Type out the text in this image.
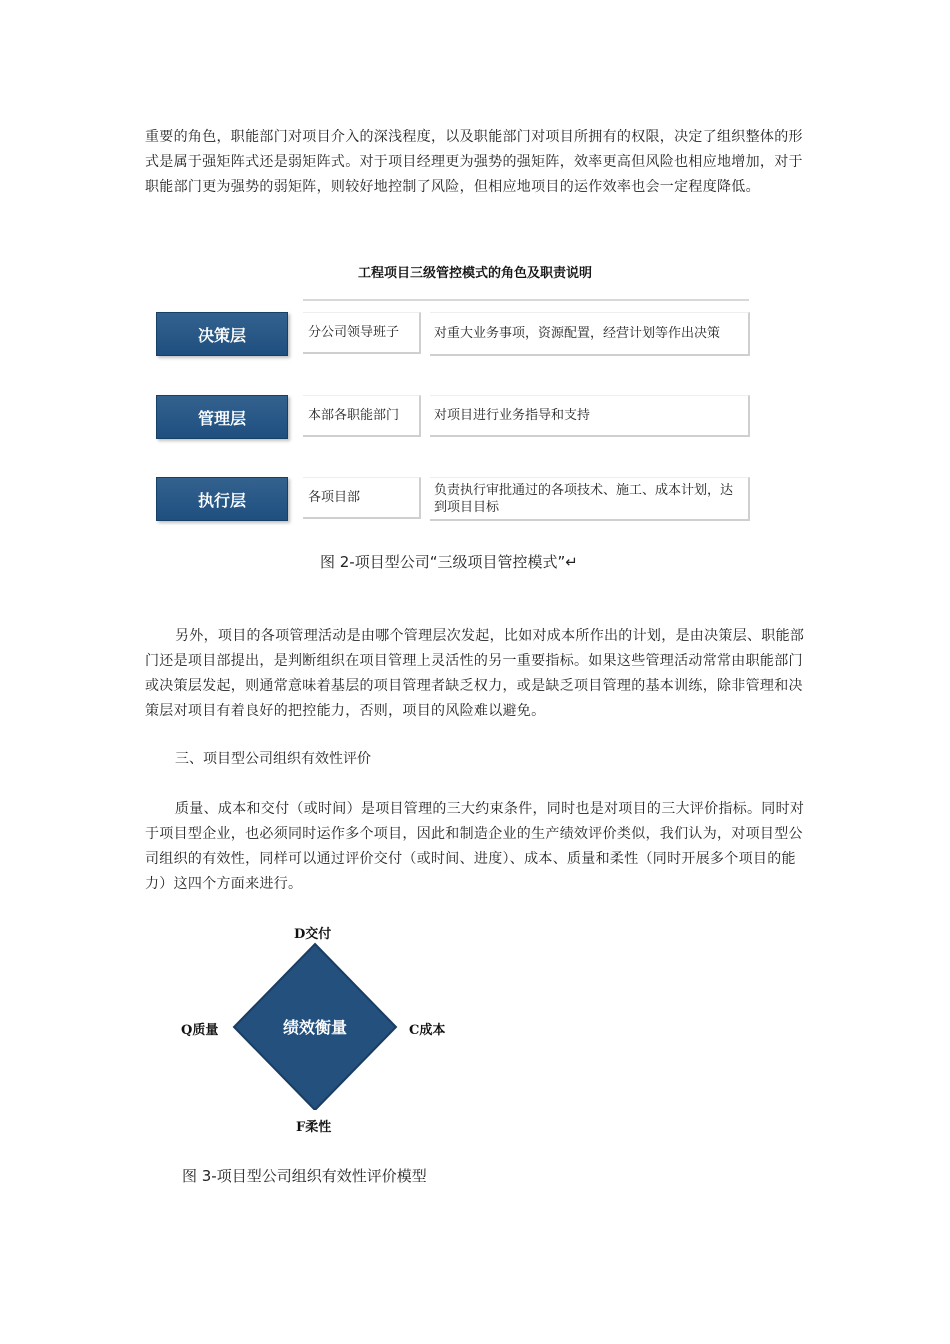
重要的角色，职能部门对项目介入的深浅程度，以及职能部门对项目所拥有的权限，决定了组织整体的形式是属于强矩阵式还是弱矩阵式。对于项目经理更为强势的强矩阵，效率更高但风险也相应地增加，对于职能部门更为强势的弱矩阵，则较好地控制了风险，但相应地项目的运作效率也会一定程度降低。

工程项目三级管控模式的角色及职责说明
决策层	分公司领导班子	对重大业务事项，资源配置，经营计划等作出决策
管理层	本部各职能部门	对项目进行业务指导和支持
执行层	各项目部	负责执行审批通过的各项技术、施工、成本计划，达到项目目标
图 2-项目型公司“三级项目管控模式”↵

另外，项目的各项管理活动是由哪个管理层次发起，比如对成本所作出的计划，是由决策层、职能部门还是项目部提出，是判断组织在项目管理上灵活性的另一重要指标。如果这些管理活动常常由职能部门或决策层发起，则通常意味着基层的项目管理者缺乏权力，或是缺乏项目管理的基本训练，除非管理和决策层对项目有着良好的把控能力，否则，项目的风险难以避免。

三、项目型公司组织有效性评价

质量、成本和交付（或时间）是项目管理的三大约束条件，同时也是对项目的三大评价指标。同时对于项目型企业，也必须同时运作多个项目，因此和制造企业的生产绩效评价类似，我们认为，对项目型公司组织的有效性，同样可以通过评价交付（或时间、进度）、成本、质量和柔性（同时开展多个项目的能力）这四个方面来进行。

绩效衡量
D交付
C成本
F柔性
Q质量
图 3-项目型公司组织有效性评价模型
